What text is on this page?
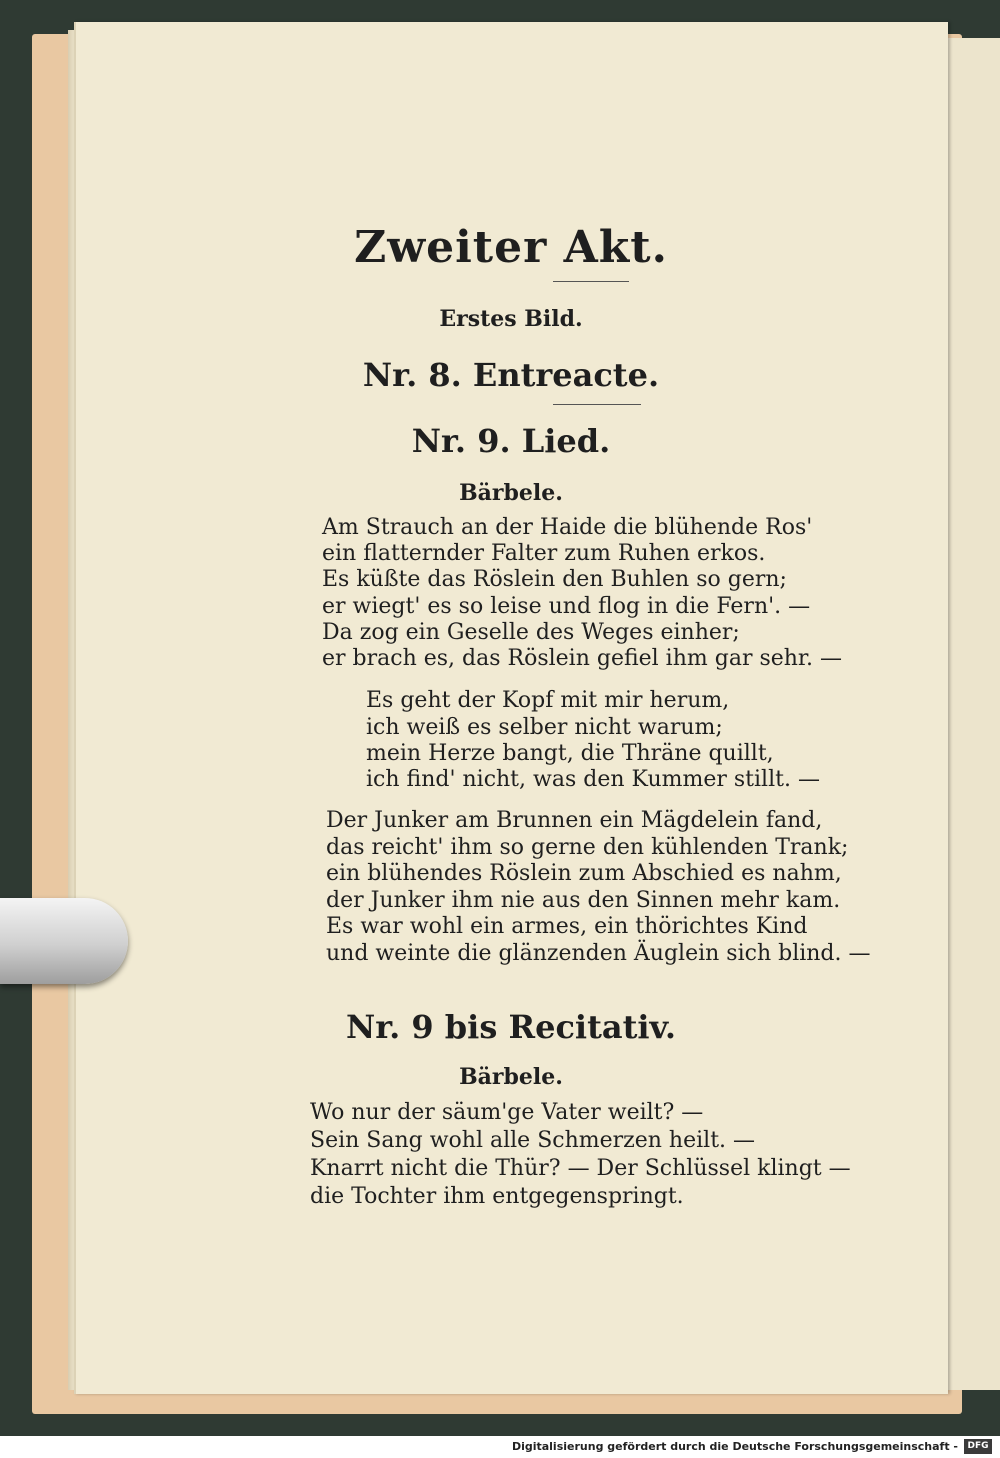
Zweiter Akt.
Erstes Bild.
Nr. 8. Entreacte.
Nr. 9. Lied.
Bärbele.
Am Strauch an der Haide die blühende Ros'
ein flatternder Falter zum Ruhen erkos.
Es küßte das Röslein den Buhlen so gern;
er wiegt' es so leise und flog in die Fern'. —
Da zog ein Geselle des Weges einher;
er brach es, das Röslein gefiel ihm gar sehr. —
Es geht der Kopf mit mir herum,
ich weiß es selber nicht warum;
mein Herze bangt, die Thräne quillt,
ich find' nicht, was den Kummer stillt. —
Der Junker am Brunnen ein Mägdelein fand,
das reicht' ihm so gerne den kühlenden Trank;
ein blühendes Röslein zum Abschied es nahm,
der Junker ihm nie aus den Sinnen mehr kam.
Es war wohl ein armes, ein thörichtes Kind
und weinte die glänzenden Äuglein sich blind. —
Nr. 9 bis Recitativ.
Bärbele.
Wo nur der säum'ge Vater weilt? —
Sein Sang wohl alle Schmerzen heilt. —
Knarrt nicht die Thür? — Der Schlüssel klingt —
die Tochter ihm entgegenspringt.
Digitalisierung gefördert durch die Deutsche Forschungsgemeinschaft -	DFG
